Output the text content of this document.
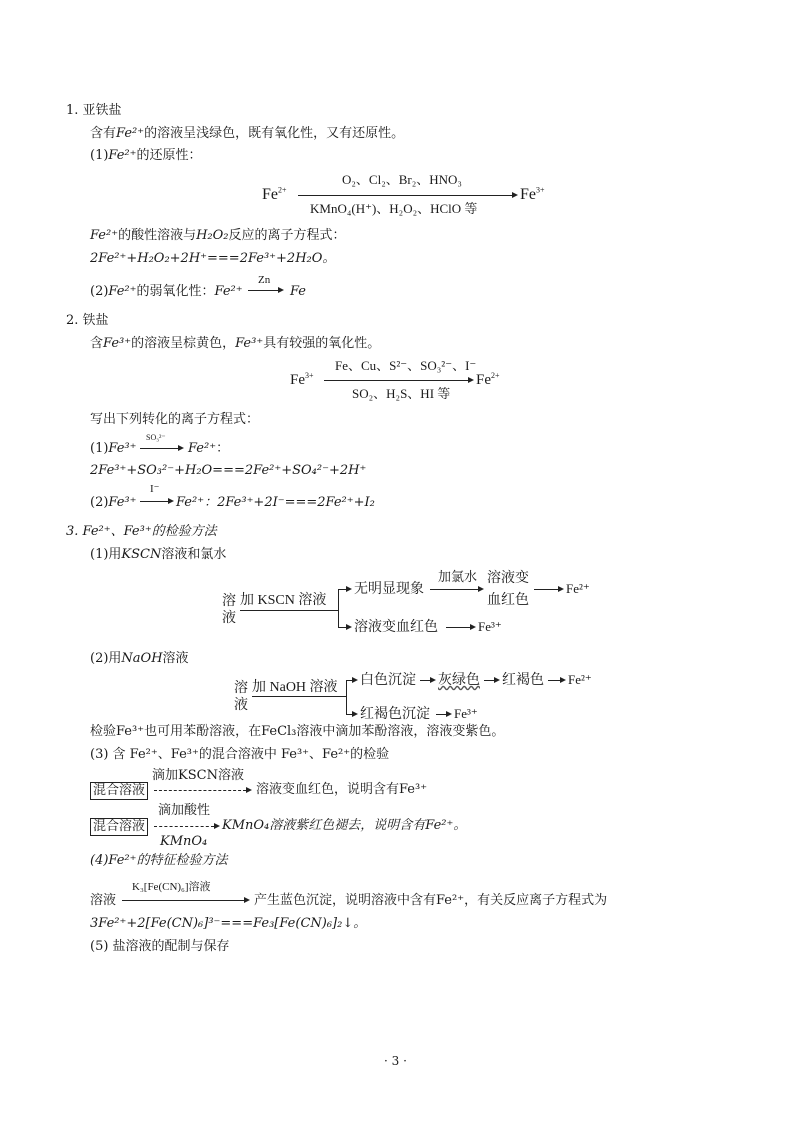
1. 亚铁盐
含有Fe²⁺的溶液呈浅绿色，既有氧化性，又有还原性。
(1)Fe²⁺的还原性：
$Fe^{2+}$
O₂、Cl₂、Br₂、HNO₃
KMnO₄(H⁺)、H₂O₂、HClO 等
$Fe^{3+}$
Fe²⁺的酸性溶液与H₂O₂反应的离子方程式：
2Fe²⁺+H₂O₂+2H⁺===2Fe³⁺+2H₂O。
(2)Fe²⁺的弱氧化性：Fe²⁺
Zn
Fe
2. 铁盐
含Fe³⁺的溶液呈棕黄色，Fe³⁺具有较强的氧化性。
$Fe^{3+}$
Fe、Cu、S²⁻、SO₃²⁻、I⁻
SO₂、H₂S、HI 等
$Fe^{2+}$
写出下列转化的离子方程式：
(1)Fe³⁺
SO₃²⁻
Fe²⁺：
2Fe³⁺+SO₃²⁻+H₂O===2Fe²⁺+SO₄²⁻+2H⁺
(2)Fe³⁺
I⁻
Fe²⁺：2Fe³⁺+2I⁻===2Fe²⁺+I₂
3. Fe²⁺、Fe³⁺的检验方法
(1)用KSCN溶液和氯水
溶
液
加 KSCN 溶液
无明显现象
加氯水 溶液变
血红色
Fe²⁺
溶液变血红色	Fe³⁺
(2)用NaOH溶液
溶
液
加 NaOH 溶液 白色沉淀 灰绿色 红褐色 Fe²⁺
红褐色沉淀 Fe³⁺
检验Fe³⁺也可用苯酚溶液，在FeCl₃溶液中滴加苯酚溶液，溶液变紫色。
(3) 含 Fe²⁺、Fe³⁺的混合溶液中 Fe³⁺、Fe²⁺的检验
滴加KSCN溶液
混合溶液	溶液变血红色，说明含有Fe³⁺
滴加酸性
混合溶液
KMnO₄
KMnO₄溶液紫红色褪去，说明含有Fe²⁺。
(4)Fe²⁺的特征检验方法
K₃[Fe(CN)₆]溶液
溶液	产生蓝色沉淀，说明溶液中含有Fe²⁺，有关反应离子方程式为
3Fe²⁺+2[Fe(CN)₆]³⁻===Fe₃[Fe(CN)₆]₂↓。
(5) 盐溶液的配制与保存
· 3 ·
